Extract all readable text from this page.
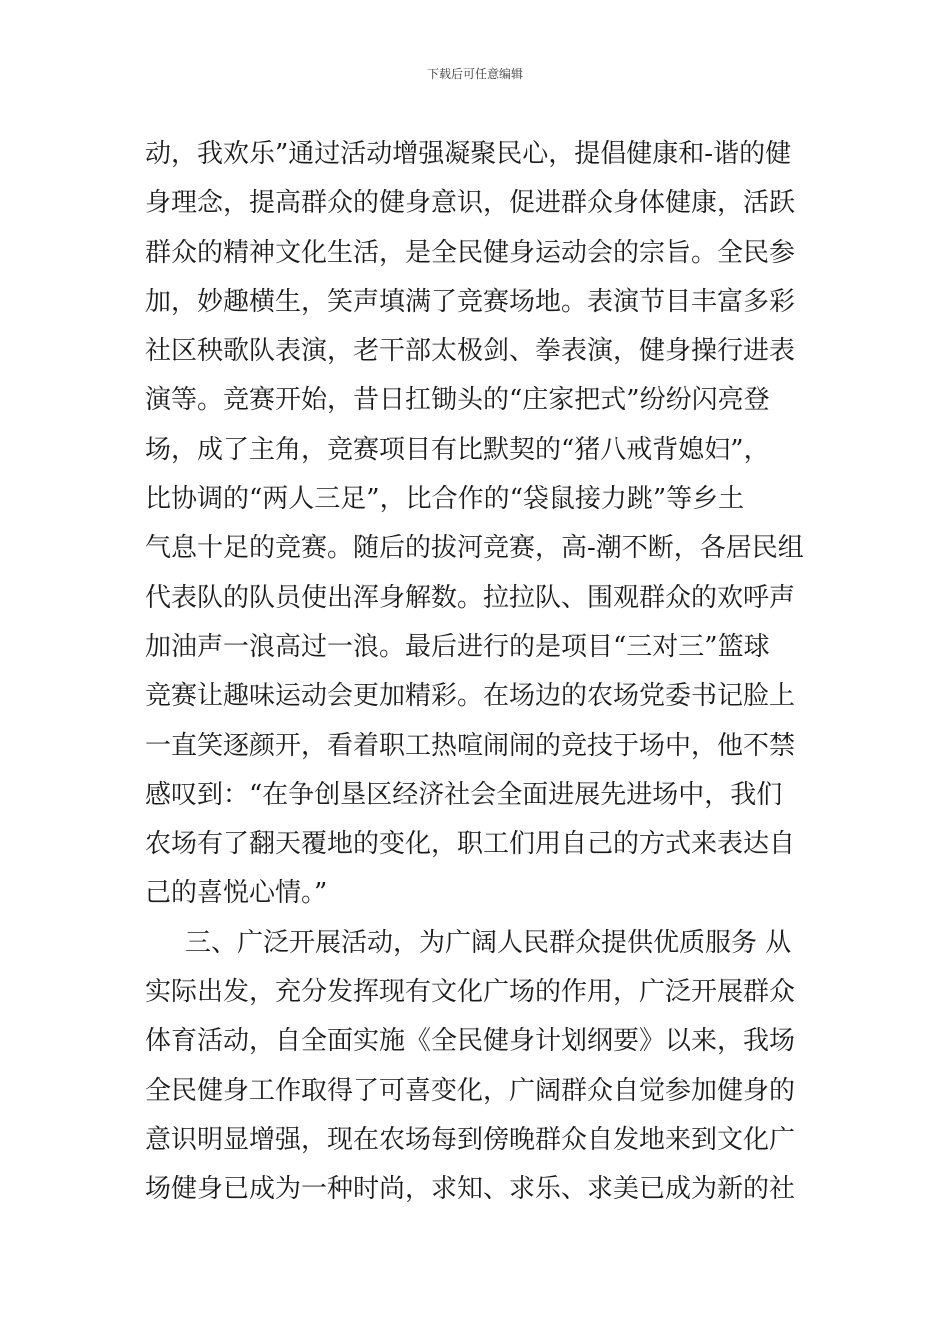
下载后可任意编辑
动，我欢乐”通过活动增强凝聚民心，提倡健康和-谐的健
身理念，提高群众的健身意识，促进群众身体健康，活跃
群众的精神文化生活，是全民健身运动会的宗旨。全民参
加，妙趣横生，笑声填满了竞赛场地。表演节目丰富多彩
社区秧歌队表演，老干部太极剑、拳表演，健身操行进表
演等。竞赛开始，昔日扛锄头的“庄家把式”纷纷闪亮登
场，成了主角，竞赛项目有比默契的“猪八戒背媳妇”，
比协调的“两人三足”，比合作的“袋鼠接力跳”等乡土
气息十足的竞赛。随后的拔河竞赛，高-潮不断，各居民组
代表队的队员使出浑身解数。拉拉队、围观群众的欢呼声
加油声一浪高过一浪。最后进行的是项目“三对三”篮球
竞赛让趣味运动会更加精彩。在场边的农场党委书记脸上
一直笑逐颜开，看着职工热喧闹闹的竞技于场中，他不禁
感叹到：“在争创垦区经济社会全面进展先进场中，我们
农场有了翻天覆地的变化，职工们用自己的方式来表达自
己的喜悦心情。”
三、广泛开展活动，为广阔人民群众提供优质服务 从
实际出发，充分发挥现有文化广场的作用，广泛开展群众
体育活动，自全面实施《全民健身计划纲要》以来，我场
全民健身工作取得了可喜变化，广阔群众自觉参加健身的
意识明显增强，现在农场每到傍晚群众自发地来到文化广
场健身已成为一种时尚，求知、求乐、求美已成为新的社
